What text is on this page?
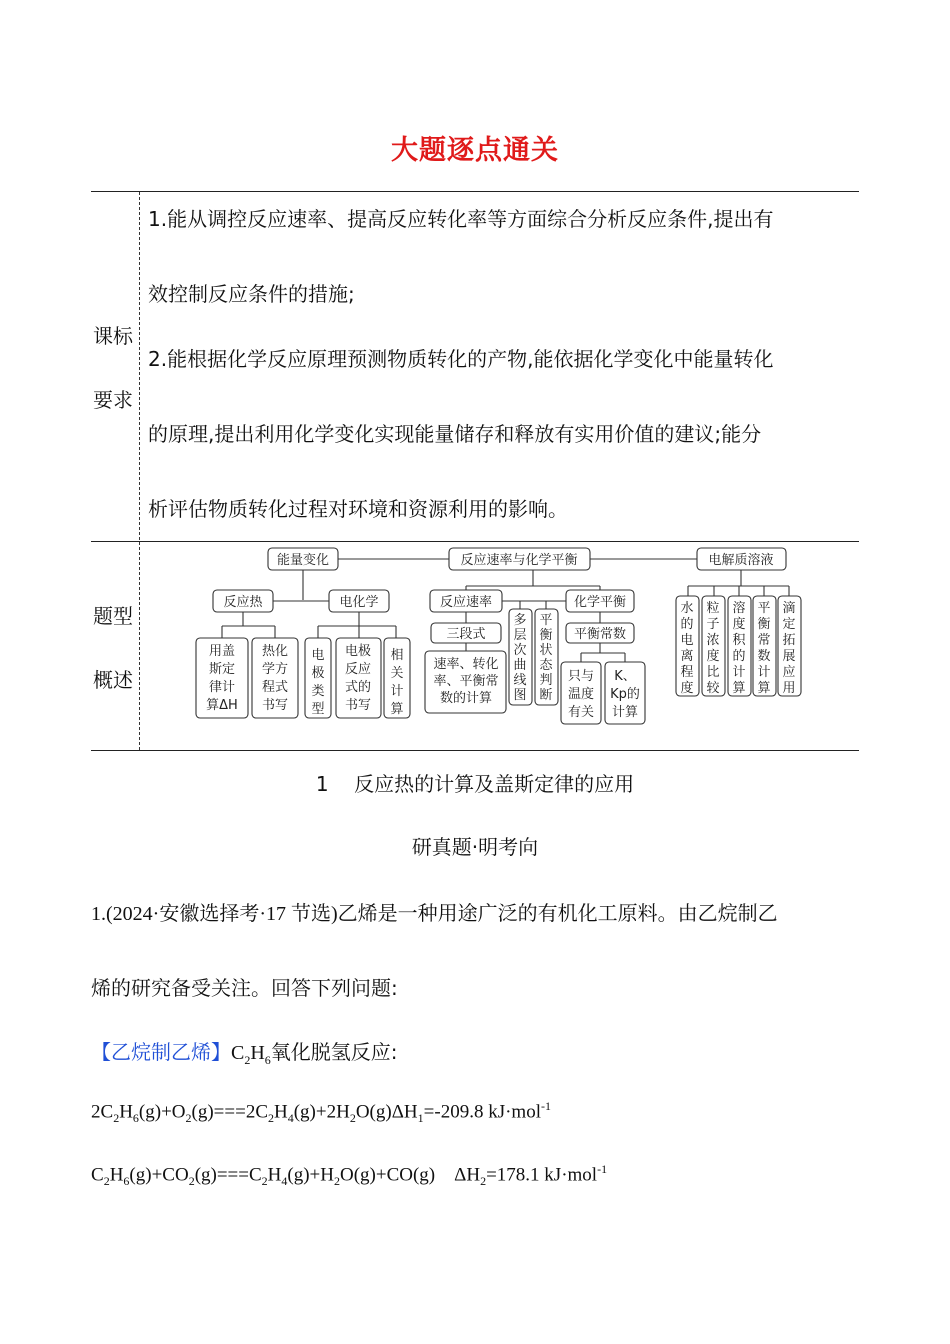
大题逐点通关
课标
要求
1.能从调控反应速率、提高反应转化率等方面综合分析反应条件,提出有
效控制反应条件的措施;
2.能根据化学反应原理预测物质转化的产物,能依据化学变化中能量转化
的原理,提出利用化学变化实现能量储存和释放有实用价值的建议;能分
析评估物质转化过程对环境和资源利用的影响。
题型
概述
能量变化	反应速率与化学平衡	电解质溶液
反应热	电化学	反应速率	化学平衡
三段式	平衡常数
用盖
斯定
律计
算ΔH
热化
学方
程式
书写
电
极
类
型
电极
反应
式的
书写
相
关
计
算
速率、转化
率、平衡常
数的计算
多
层
次
曲
线
图
平
衡
状
态
判
断
只与
温度
有关
K、
Kp的
计算
水
的
电
离
程
度
粒
子
浓
度
比
较
溶
度
积
的
计
算
平
衡
常
数
计
算
滴
定
拓
展
应
用
1 反应热的计算及盖斯定律的应用
研真题·明考向
1.(2024·安徽选择考·17 节选)乙烯是一种用途广泛的有机化工原料。由乙烷制乙
烯的研究备受关注。回答下列问题:
【乙烷制乙烯】$C_2H_6$氧化脱氢反应:
$2C_2H_6(g)+O_2(g)===2C_2H_4(g)+2H_2O(g)\Delta H_1=-209.8$ kJ·mol$^{-1}$
$C_2H_6(g)+CO_2(g)===C_2H_4(g)+H_2O(g)+CO(g)$    $\Delta H_2=178.1$ kJ·mol$^{-1}$
